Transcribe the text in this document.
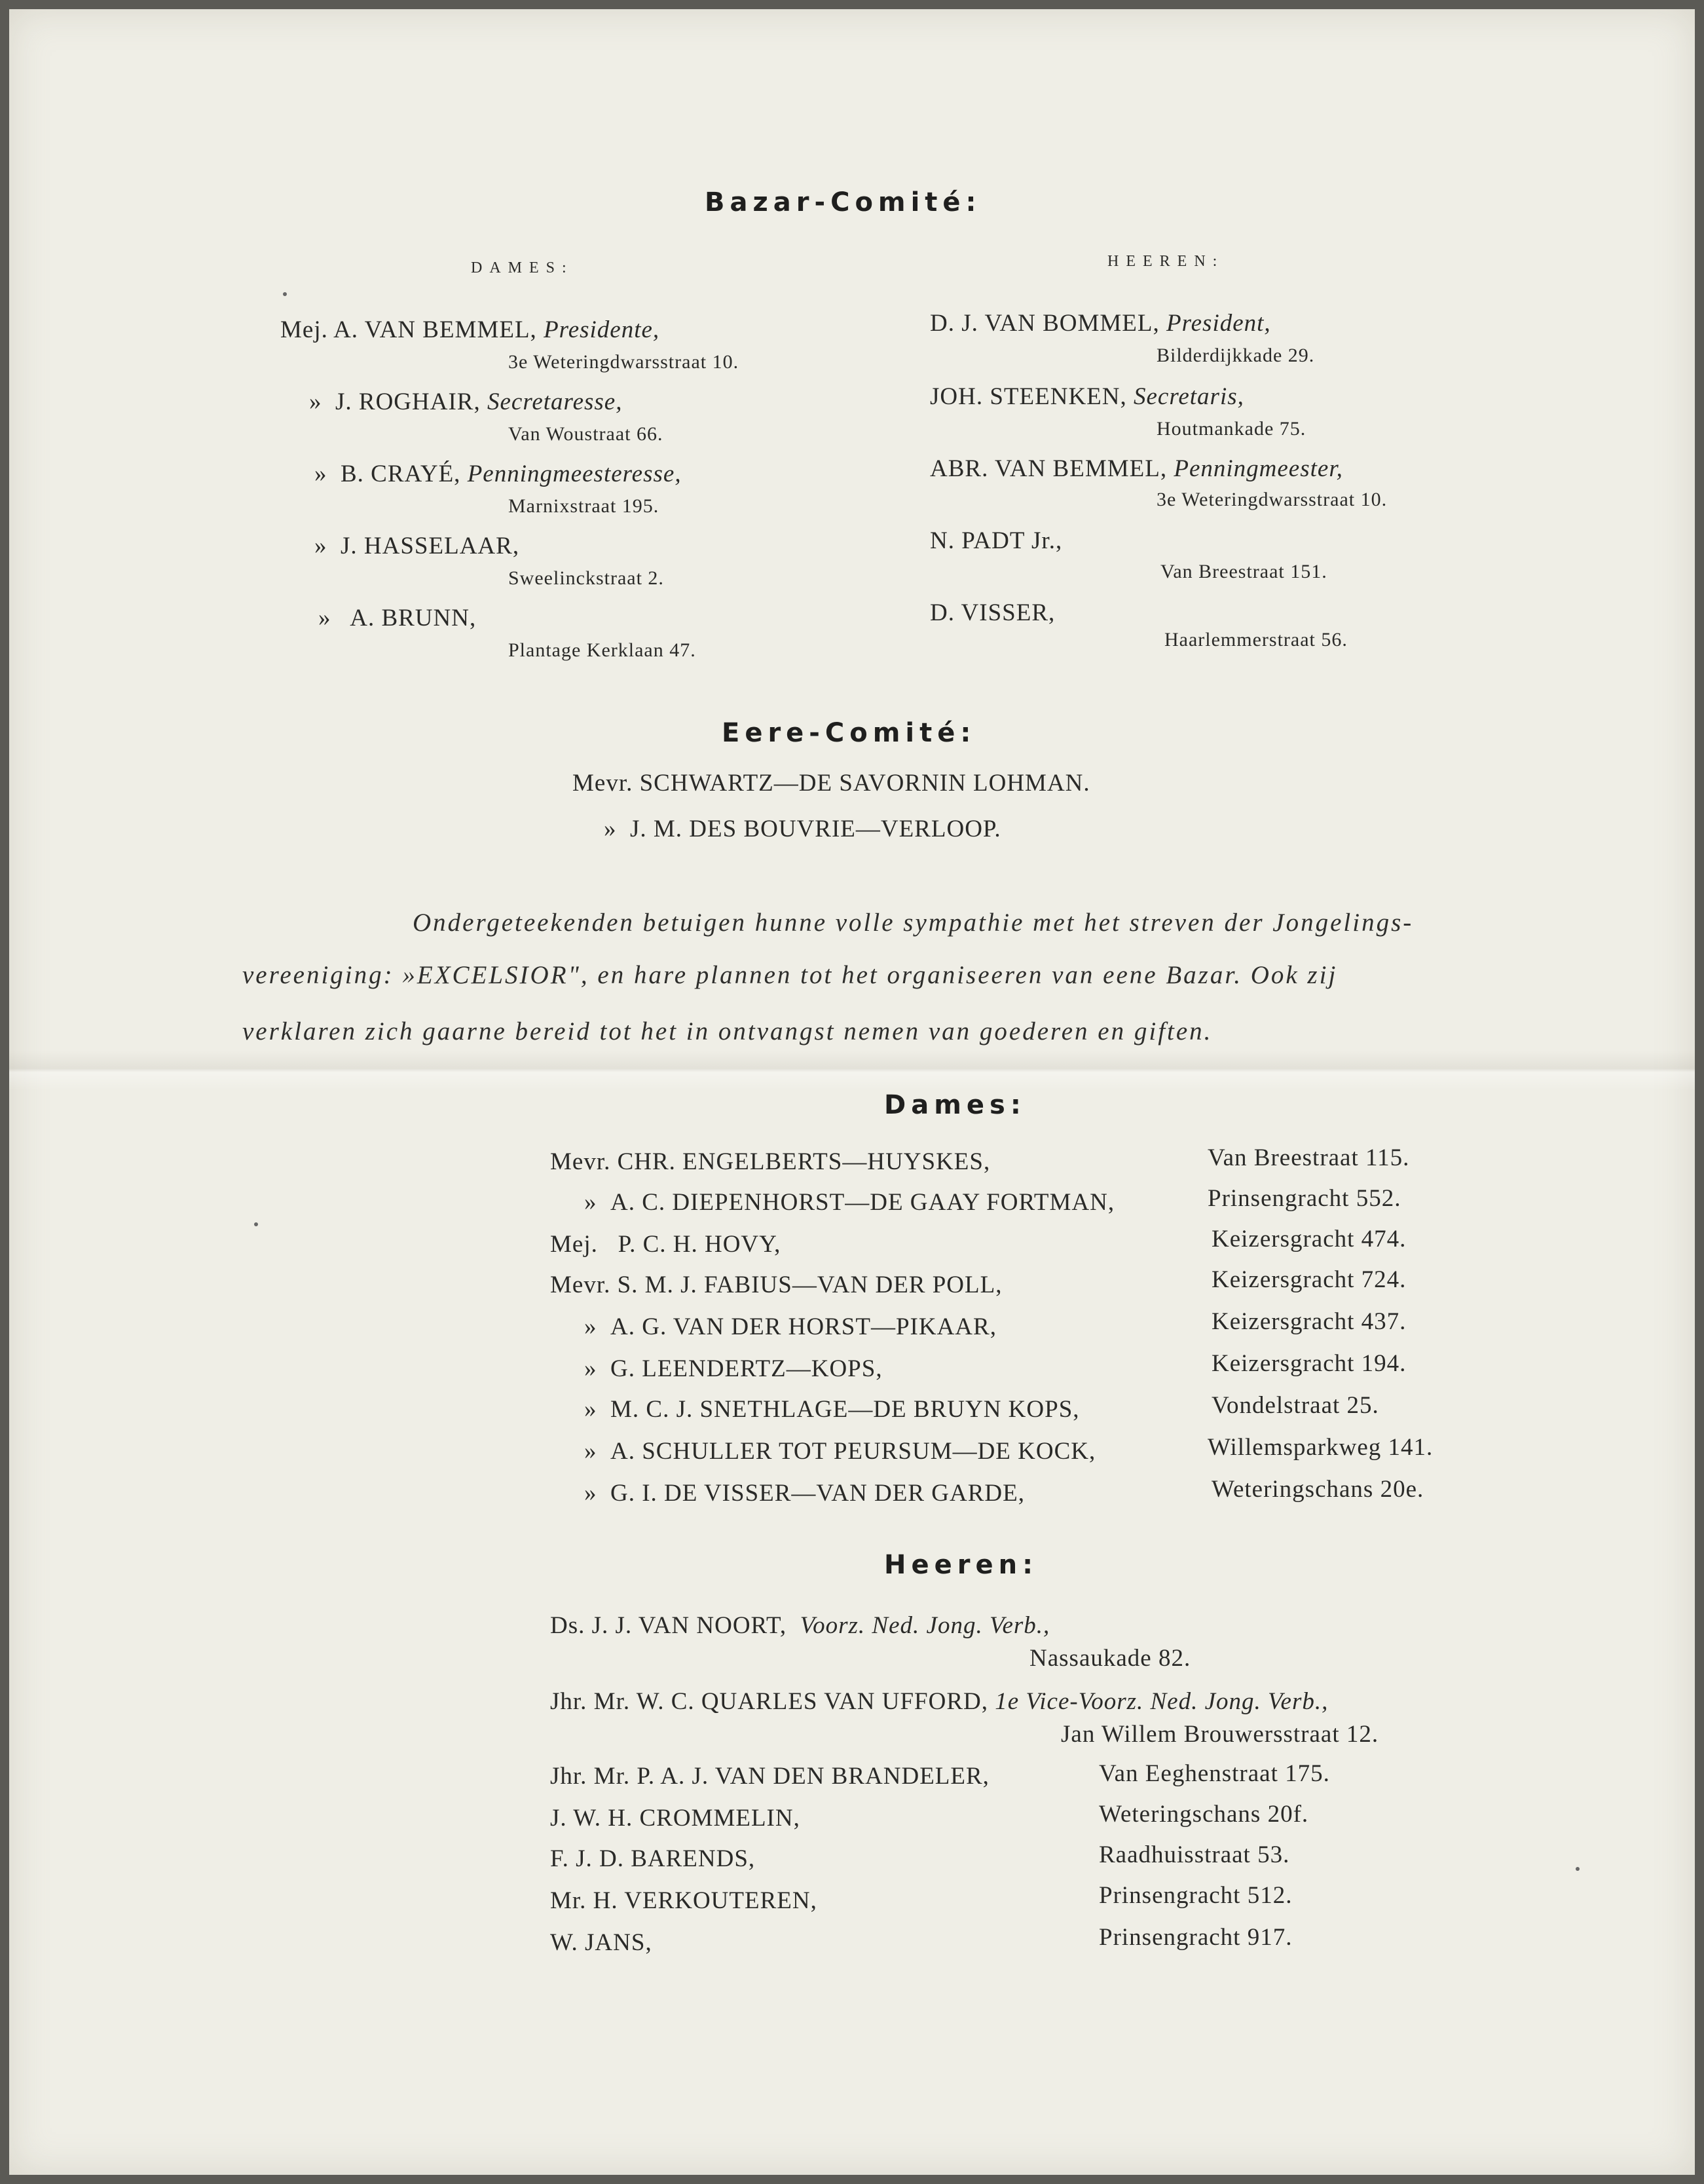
Bazar-Comité:
DAMES:	HEEREN:
Mej. A. VAN BEMMEL, Presidente,
3e Weteringdwarsstraat 10.
» J. ROGHAIR, Secretaresse,
Van Woustraat 66.
» B. CRAYÉ, Penningmeesteresse,
Marnixstraat 195.
» J. HASSELAAR,
Sweelinckstraat 2.
» A. BRUNN,
Plantage Kerklaan 47.
D. J. VAN BOMMEL, President,
Bilderdijkkade 29.
JOH. STEENKEN, Secretaris,
Houtmankade 75.
ABR. VAN BEMMEL, Penningmeester,
3e Weteringdwarsstraat 10.
N. PADT Jr.,
Van Breestraat 151.
D. VISSER,
Haarlemmerstraat 56.
Eere-Comité:
Mevr. SCHWARTZ—DE SAVORNIN LOHMAN.
» J. M. DES BOUVRIE—VERLOOP.
Ondergeteekenden betuigen hunne volle sympathie met het streven der Jongelings-
vereeniging: »EXCELSIOR", en hare plannen tot het organiseeren van eene Bazar. Ook zij
verklaren zich gaarne bereid tot het in ontvangst nemen van goederen en giften.
Dames:
Mevr. CHR. ENGELBERTS—HUYSKES,	Van Breestraat 115.
» A. C. DIEPENHORST—DE GAAY FORTMAN,	Prinsengracht 552.
Mej. P. C. H. HOVY,	Keizersgracht 474.
Mevr. S. M. J. FABIUS—VAN DER POLL,	Keizersgracht 724.
» A. G. VAN DER HORST—PIKAAR,	Keizersgracht 437.
» G. LEENDERTZ—KOPS,	Keizersgracht 194.
» M. C. J. SNETHLAGE—DE BRUYN KOPS,	Vondelstraat 25.
» A. SCHULLER TOT PEURSUM—DE KOCK,	Willemsparkweg 141.
» G. I. DE VISSER—VAN DER GARDE,	Weteringschans 20e.
Heeren:
Ds. J. J. VAN NOORT, Voorz. Ned. Jong. Verb.,
Nassaukade 82.
Jhr. Mr. W. C. QUARLES VAN UFFORD, 1e Vice-Voorz. Ned. Jong. Verb.,
Jan Willem Brouwersstraat 12.
Jhr. Mr. P. A. J. VAN DEN BRANDELER,	Van Eeghenstraat 175.
J. W. H. CROMMELIN,	Weteringschans 20f.
F. J. D. BARENDS,	Raadhuisstraat 53.
Mr. H. VERKOUTEREN,	Prinsengracht 512.
W. JANS,	Prinsengracht 917.
